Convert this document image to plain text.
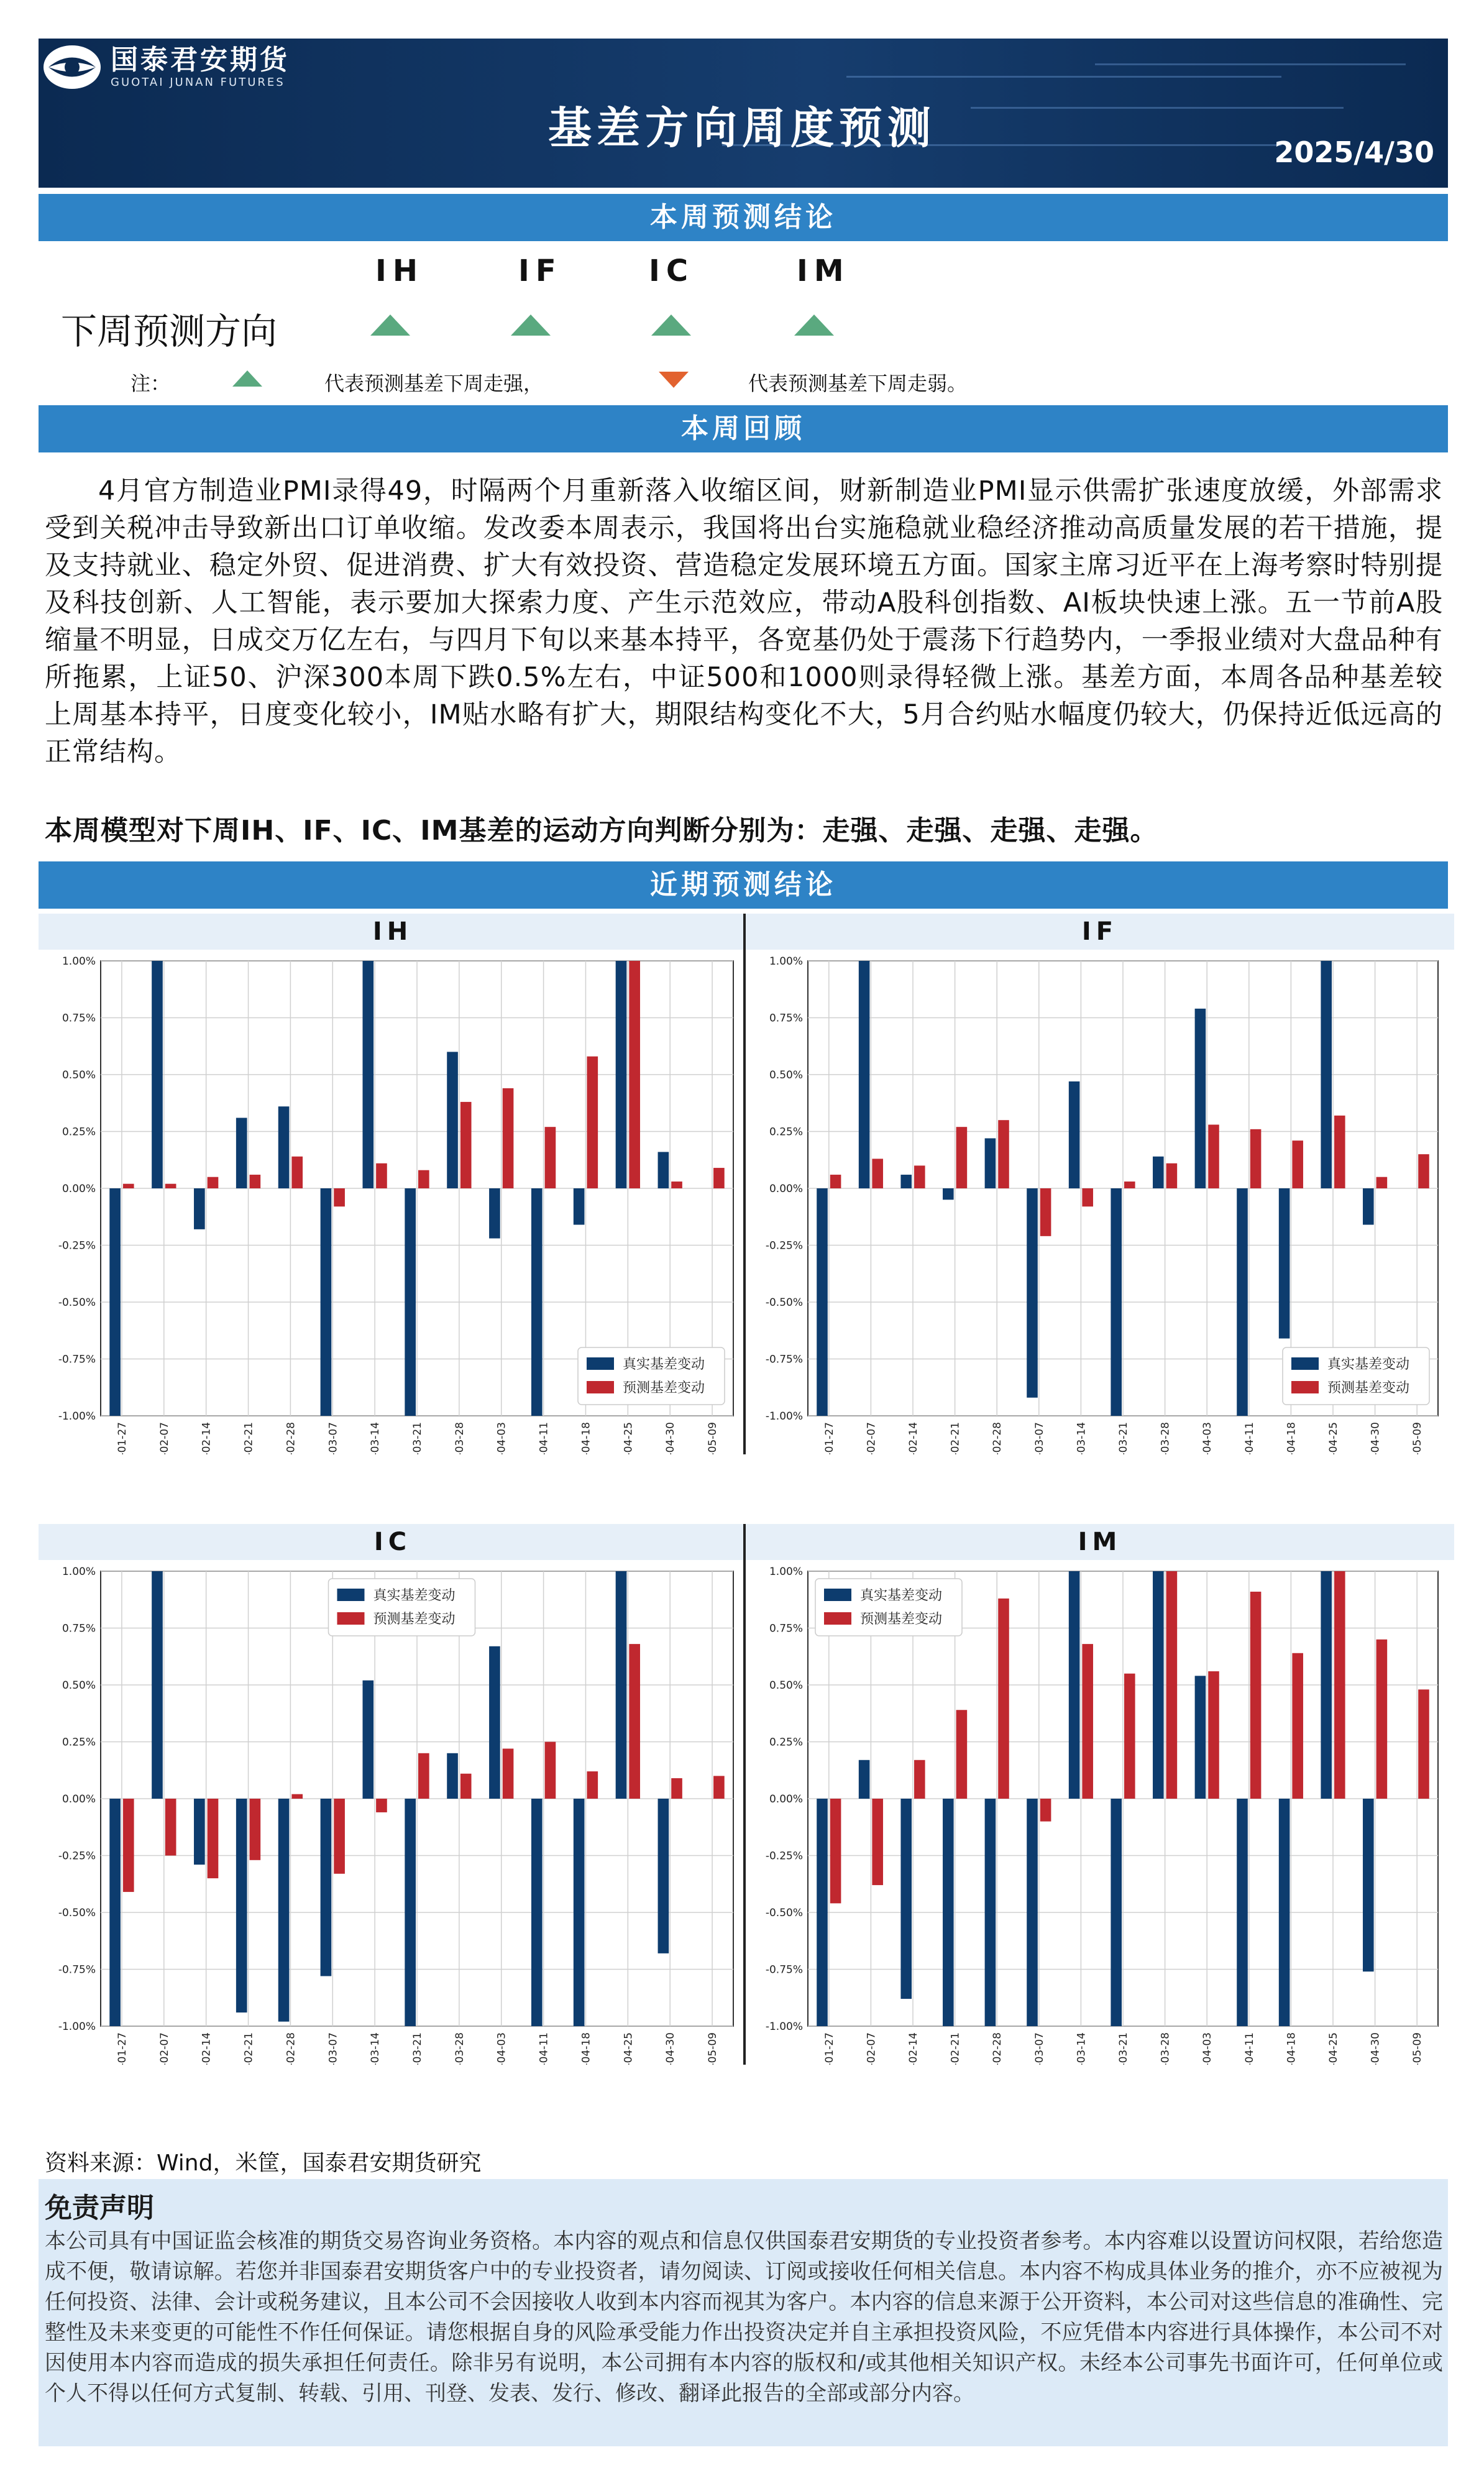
国泰君安期货
GUOTAI JUNAN FUTURES
基差方向周度预测	2025/4/30
本周预测结论
IH	IF	IC	IM
下周预测方向
注：	代表预测基差下周走强，	代表预测基差下周走弱。
本周回顾
4月官方制造业PMI录得49，时隔两个月重新落入收缩区间，财新制造业PMI显示供需扩张速度放缓，外部需求受到关税冲击导致新出口订单收缩。发改委本周表示，我国将出台实施稳就业稳经济推动高质量发展的若干措施，提及支持就业、稳定外贸、促进消费、扩大有效投资、营造稳定发展环境五方面。国家主席习近平在上海考察时特别提及科技创新、人工智能，表示要加大探索力度、产生示范效应，带动A股科创指数、AI板块快速上涨。五一节前A股缩量不明显，日成交万亿左右，与四月下旬以来基本持平，各宽基仍处于震荡下行趋势内，一季报业绩对大盘品种有所拖累，上证50、沪深300本周下跌0.5%左右，中证500和1000则录得轻微上涨。基差方面，本周各品种基差较上周基本持平，日度变化较小，IM贴水略有扩大，期限结构变化不大，5月合约贴水幅度仍较大，仍保持近低远高的正常结构。
本周模型对下周IH、IF、IC、IM基差的运动方向判断分别为：走强、走强、走强、走强。
近期预测结论
IH
-1.00%
-0.75%
-0.50%
-0.25%
0.00%
0.25%
0.50%
0.75%
1.00%
2025-01-27	2025-02-07	2025-02-14	2025-02-21	2025-02-28	2025-03-07	2025-03-14	2025-03-21	2025-03-28	2025-04-03	2025-04-11	2025-04-18	2025-04-25	2025-04-30	2025-05-09
真实基差变动
预测基差变动
IF
-1.00%
-0.75%
-0.50%
-0.25%
0.00%
0.25%
0.50%
0.75%
1.00%
2025-01-27	2025-02-07	2025-02-14	2025-02-21	2025-02-28	2025-03-07	2025-03-14	2025-03-21	2025-03-28	2025-04-03	2025-04-11	2025-04-18	2025-04-25	2025-04-30	2025-05-09
真实基差变动
预测基差变动
IC
-1.00%
-0.75%
-0.50%
-0.25%
0.00%
0.25%
0.50%
0.75%
1.00%
2025-01-27	2025-02-07	2025-02-14	2025-02-21	2025-02-28	2025-03-07	2025-03-14	2025-03-21	2025-03-28	2025-04-03	2025-04-11	2025-04-18	2025-04-25	2025-04-30	2025-05-09
真实基差变动
预测基差变动
IM
-1.00%
-0.75%
-0.50%
-0.25%
0.00%
0.25%
0.50%
0.75%
1.00%
2025-01-27	2025-02-07	2025-02-14	2025-02-21	2025-02-28	2025-03-07	2025-03-14	2025-03-21	2025-03-28	2025-04-03	2025-04-11	2025-04-18	2025-04-25	2025-04-30	2025-05-09
真实基差变动
预测基差变动
资料来源：Wind，米筐，国泰君安期货研究
免责声明
本公司具有中国证监会核准的期货交易咨询业务资格。本内容的观点和信息仅供国泰君安期货的专业投资者参考。本内容难以设置访问权限，若给您造成不便，敬请谅解。若您并非国泰君安期货客户中的专业投资者，请勿阅读、订阅或接收任何相关信息。本内容不构成具体业务的推介，亦不应被视为任何投资、法律、会计或税务建议，且本公司不会因接收人收到本内容而视其为客户。本内容的信息来源于公开资料，本公司对这些信息的准确性、完整性及未来变更的可能性不作任何保证。请您根据自身的风险承受能力作出投资决定并自主承担投资风险，不应凭借本内容进行具体操作，本公司不对因使用本内容而造成的损失承担任何责任。除非另有说明，本公司拥有本内容的版权和/或其他相关知识产权。未经本公司事先书面许可，任何单位或个人不得以任何方式复制、转载、引用、刊登、发表、发行、修改、翻译此报告的全部或部分内容。
